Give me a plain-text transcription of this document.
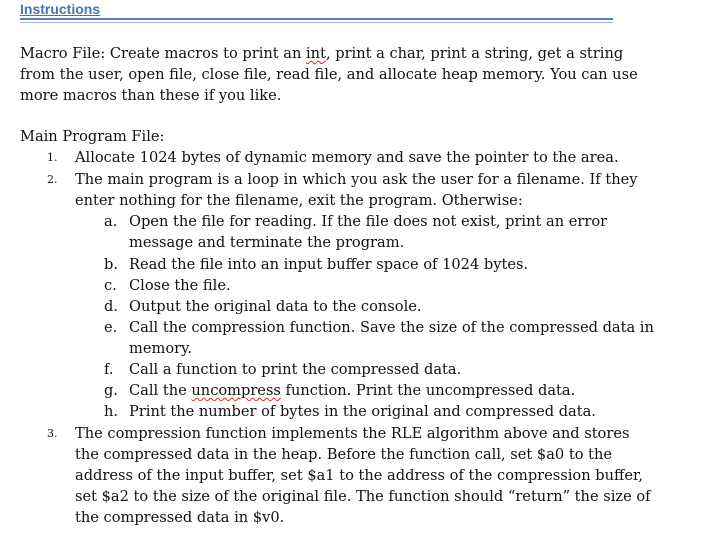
Instructions
Macro File: Create macros to print an int, print a char, print a string, get a string
from the user, open file, close file, read file, and allocate heap memory. You can use
more macros than these if you like.
Main Program File:
1. Allocate 1024 bytes of dynamic memory and save the pointer to the area.
2. The main program is a loop in which you ask the user for a filename. If they
enter nothing for the filename, exit the program. Otherwise:
a. Open the file for reading. If the file does not exist, print an error
message and terminate the program.
b. Read the file into an input buffer space of 1024 bytes.
c. Close the file.
d. Output the original data to the console.
e. Call the compression function. Save the size of the compressed data in
memory.
f. Call a function to print the compressed data.
g. Call the uncompress function. Print the uncompressed data.
h. Print the number of bytes in the original and compressed data.
3. The compression function implements the RLE algorithm above and stores
the compressed data in the heap. Before the function call, set $a0 to the
address of the input buffer, set $a1 to the address of the compression buffer,
set $a2 to the size of the original file. The function should “return” the size of
the compressed data in $v0.
